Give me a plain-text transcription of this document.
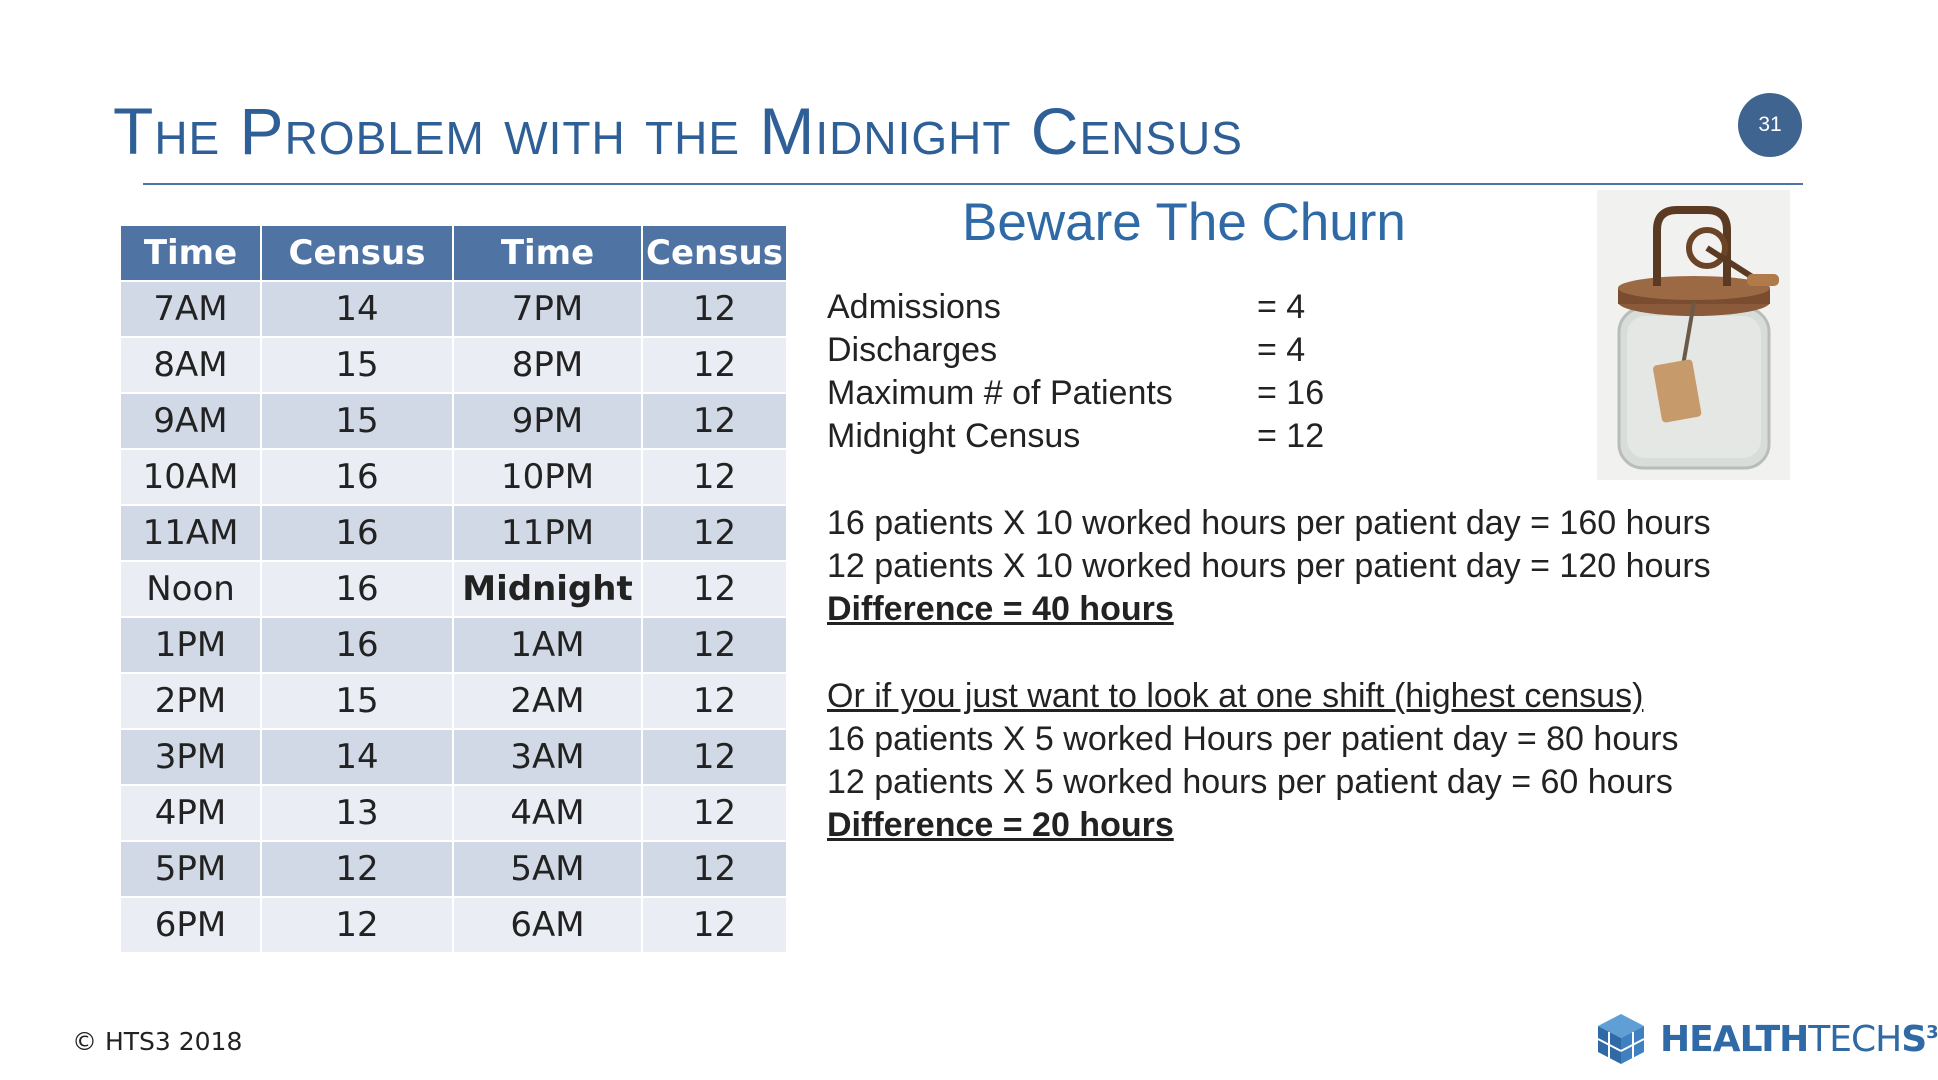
The Problem with the Midnight Census	31
Time	Census	Time	Census
7AM	14	7PM	12
8AM	15	8PM	12
9AM	15	9PM	12
10AM	16	10PM	12
11AM	16	11PM	12
Noon	16	Midnight	12
1PM	16	1AM	12
2PM	15	2AM	12
3PM	14	3AM	12
4PM	13	4AM	12
5PM	12	5AM	12
6PM	12	6AM	12
Beware The Churn
Admissions	= 4
Discharges	= 4
Maximum # of Patients	= 16
Midnight Census	= 12
16 patients X 10 worked hours per patient day = 160 hours
12 patients X 10 worked hours per patient day = 120 hours
Difference = 40 hours
Or if you just want to look at one shift (highest census)
16 patients X 5 worked Hours per patient day = 80 hours
12 patients X 5 worked hours per patient day = 60 hours
Difference = 20 hours
© HTS3 2018	HEALTHTECHS$^3$
